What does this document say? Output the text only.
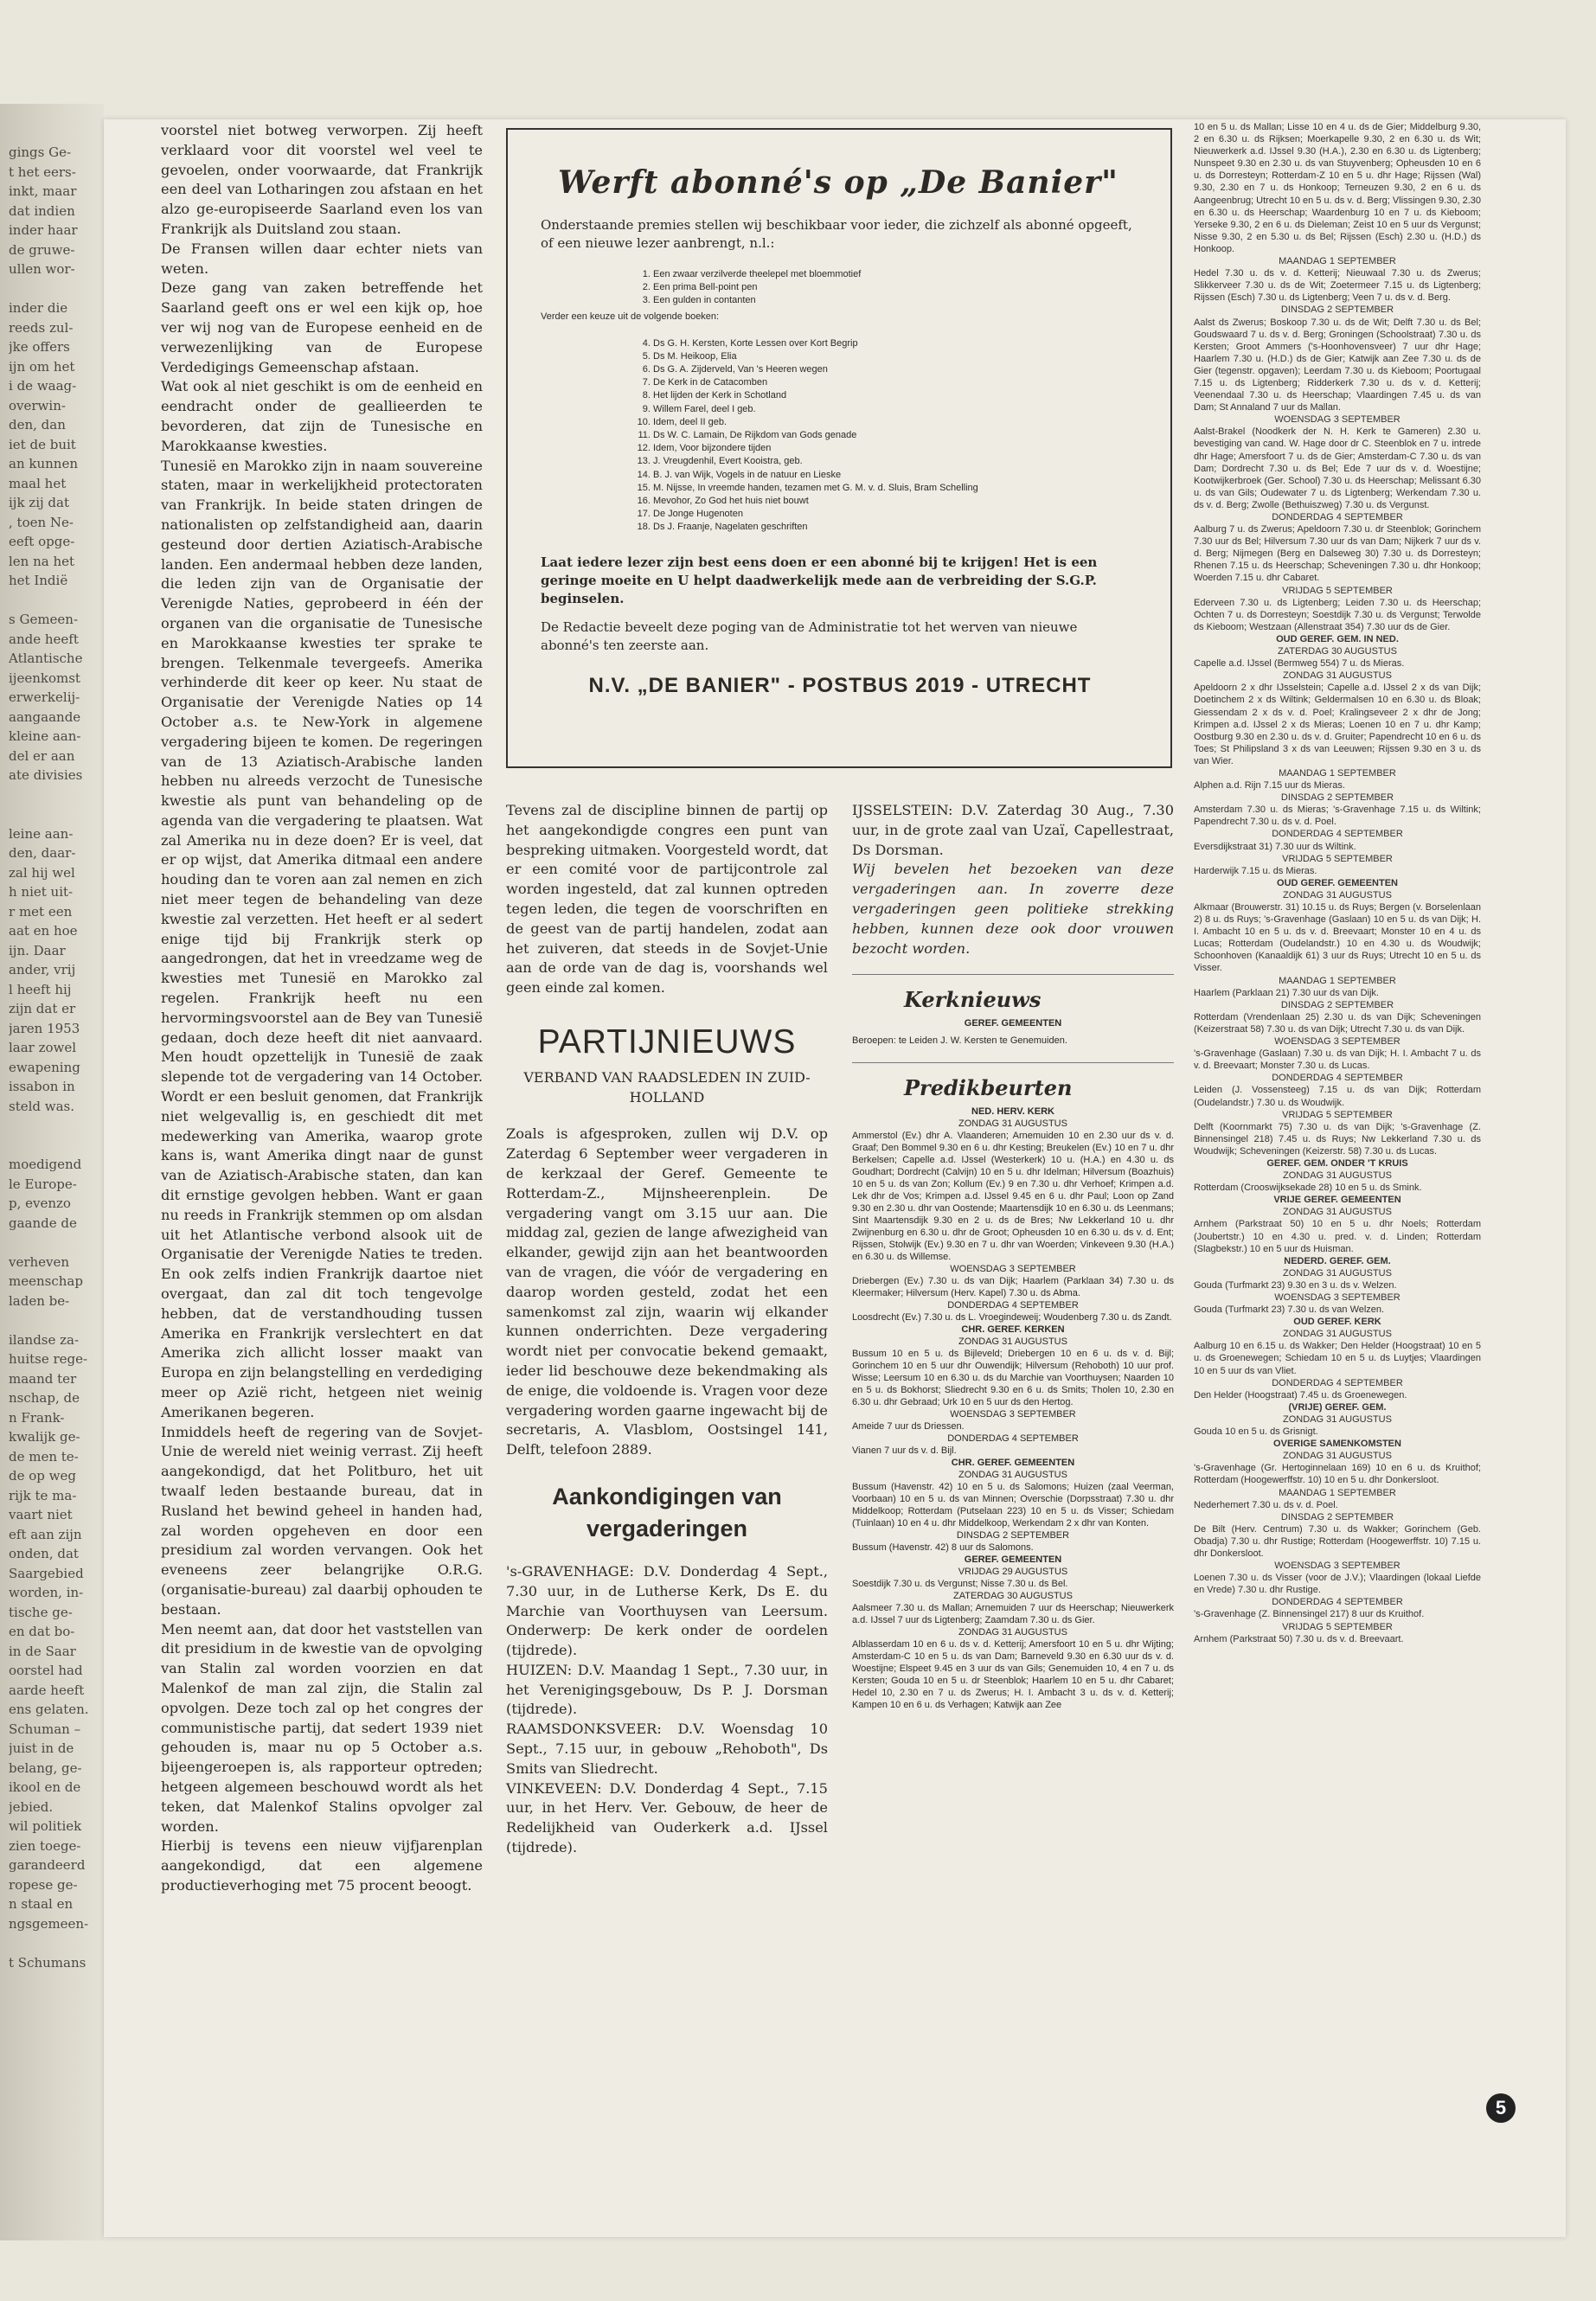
gings Ge-
t het eers-
inkt, maar
dat indien
inder haar
de gruwe-
ullen wor-

inder die
reeds zul-
jke offers
ijn om het
i de waag-
overwin-
den, dan
iet de buit
an kunnen
maal het
ijk zij dat
, toen Ne-
eeft opge-
len na het
het Indië

s Gemeen-
ande heeft
Atlantische
ijeenkomst
erwerkelij-
aangaande
kleine aan-
del er aan
ate divisies

leine aan-
den, daar-
zal hij wel
h niet uit-
r met een
aat en hoe
ijn. Daar
ander, vrij
l heeft hij
zijn dat er
jaren 1953
laar zowel
ewapening
issabon in
steld was.

moedigend
le Europe-
p, evenzo
gaande de

verheven
meenschap
laden be-

ilandse za-
huitse rege-
maand ter
nschap, de
n Frank-
kwalijk ge-
de men te-
de op weg
rijk te ma-
vaart niet
eft aan zijn
onden, dat
Saargebied
worden, in-
tische ge-
en dat bo-
in de Saar
oorstel had
aarde heeft
ens gelaten.
Schuman –
juist in de
belang, ge-
ikool en de
jebied.
wil politiek
zien toege-
garandeerd
ropese ge-
n staal en
ngsgemeen-

t Schumans

voorstel niet botweg verworpen. Zij heeft verklaard voor dit voorstel wel veel te gevoelen, onder voorwaarde, dat Frankrijk een deel van Lotharingen zou afstaan en het alzo ge-europiseerde Saarland even los van Frankrijk als Duitsland zou staan.

De Fransen willen daar echter niets van weten.

Deze gang van zaken betreffende het Saarland geeft ons er wel een kijk op, hoe ver wij nog van de Europese eenheid en de verwezenlijking van de Europese Verdedigings Gemeenschap afstaan.

Wat ook al niet geschikt is om de eenheid en eendracht onder de geallieerden te bevorderen, dat zijn de Tunesische en Marokkaanse kwesties.

Tunesië en Marokko zijn in naam souvereine staten, maar in werkelijkheid protectoraten van Frankrijk. In beide staten dringen de nationalisten op zelfstandigheid aan, daarin gesteund door dertien Aziatisch-Arabische landen. Een andermaal hebben deze landen, die leden zijn van de Organisatie der Verenigde Naties, geprobeerd in één der organen van die organisatie de Tunesische en Marokkaanse kwesties ter sprake te brengen. Telkenmale tevergeefs. Amerika verhinderde dit keer op keer. Nu staat de Organisatie der Verenigde Naties op 14 October a.s. te New-York in algemene vergadering bijeen te komen. De regeringen van de 13 Aziatisch-Arabische landen hebben nu alreeds verzocht de Tunesische kwestie als punt van behandeling op de agenda van die vergadering te plaatsen. Wat zal Amerika nu in deze doen? Er is veel, dat er op wijst, dat Amerika ditmaal een andere houding dan te voren aan zal nemen en zich niet meer tegen de behandeling van deze kwestie zal verzetten. Het heeft er al sedert enige tijd bij Frankrijk sterk op aangedrongen, dat het in vreedzame weg de kwesties met Tunesië en Marokko zal regelen. Frankrijk heeft nu een hervormingsvoorstel aan de Bey van Tunesië gedaan, doch deze heeft dit niet aanvaard. Men houdt opzettelijk in Tunesië de zaak slepende tot de vergadering van 14 October. Wordt er een besluit genomen, dat Frankrijk niet welgevallig is, en geschiedt dit met medewerking van Amerika, waarop grote kans is, want Amerika dingt naar de gunst van de Aziatisch-Arabische staten, dan kan dit ernstige gevolgen hebben. Want er gaan nu reeds in Frankrijk stemmen op om alsdan uit het Atlantische verbond alsook uit de Organisatie der Verenigde Naties te treden. En ook zelfs indien Frankrijk daartoe niet overgaat, dan zal dit toch tengevolge hebben, dat de verstandhouding tussen Amerika en Frankrijk verslechtert en dat Amerika zich allicht losser maakt van Europa en zijn belangstelling en verdediging meer op Azië richt, hetgeen niet weinig Amerikanen begeren.

Inmiddels heeft de regering van de Sovjet-Unie de wereld niet weinig verrast. Zij heeft aangekondigd, dat het Politburo, het uit twaalf leden bestaande bureau, dat in Rusland het bewind geheel in handen had, zal worden opgeheven en door een presidium zal worden vervangen. Ook het eveneens zeer belangrijke O.R.G. (organisatie-bureau) zal daarbij ophouden te bestaan.

Men neemt aan, dat door het vaststellen van dit presidium in de kwestie van de opvolging van Stalin zal worden voorzien en dat Malenkof de man zal zijn, die Stalin zal opvolgen. Deze toch zal op het congres der communistische partij, dat sedert 1939 niet gehouden is, maar nu op 5 October a.s. bijeengeroepen is, als rapporteur optreden; hetgeen algemeen beschouwd wordt als het teken, dat Malenkof Stalins opvolger zal worden.

Hierbij is tevens een nieuw vijfjarenplan aangekondigd, dat een algemene productieverhoging met 75 procent beoogt.

Werft abonné's op „De Banier"
Onderstaande premies stellen wij beschikbaar voor ieder, die zichzelf als abonné opgeeft, of een nieuwe lezer aanbrengt, n.l.:
1. Een zwaar verzilverde theelepel met bloemmotief
2. Een prima Bell-point pen
3. Een gulden in contanten
Verder een keuze uit de volgende boeken:
4. Ds G. H. Kersten, Korte Lessen over Kort Begrip
5. Ds M. Heikoop, Elia
6. Ds G. A. Zijderveld, Van 's Heeren wegen
7. De Kerk in de Catacomben
8. Het lijden der Kerk in Schotland
9. Willem Farel, deel I geb.
10. Idem, deel II geb.
11. Ds W. C. Lamain, De Rijkdom van Gods genade
12. Idem, Voor bijzondere tijden
13. J. Vreugdenhil, Evert Kooistra, geb.
14. B. J. van Wijk, Vogels in de natuur en Lieske
15. M. Nijsse, In vreemde handen, tezamen met G. M. v. d. Sluis, Bram Schelling
16. Mevohor, Zo God het huis niet bouwt
17. De Jonge Hugenoten
18. Ds J. Fraanje, Nagelaten geschriften
Laat iedere lezer zijn best eens doen er een abonné bij te krijgen! Het is een geringe moeite en U helpt daadwerkelijk mede aan de verbreiding der S.G.P. beginselen.
De Redactie beveelt deze poging van de Administratie tot het werven van nieuwe abonné's ten zeerste aan.
N.V. „DE BANIER" - POSTBUS 2019 - UTRECHT

Tevens zal de discipline binnen de partij op het aangekondigde congres een punt van bespreking uitmaken. Voorgesteld wordt, dat er een comité voor de partijcontrole zal worden ingesteld, dat zal kunnen optreden tegen leden, die tegen de voorschriften en de geest van de partij handelen, zodat aan het zuiveren, dat steeds in de Sovjet-Unie aan de orde van de dag is, voorshands wel geen einde zal komen.

PARTIJNIEUWS
VERBAND VAN RAADSLEDEN IN ZUID-HOLLAND

Zoals is afgesproken, zullen wij D.V. op Zaterdag 6 September weer vergaderen in de kerkzaal der Geref. Gemeente te Rotterdam-Z., Mijnsheerenplein. De vergadering vangt om 3.15 uur aan. Die middag zal, gezien de lange afwezigheid van elkander, gewijd zijn aan het beantwoorden van de vragen, die vóór de vergadering en daarop worden gesteld, zodat het een samenkomst zal zijn, waarin wij elkander kunnen onderrichten. Deze vergadering wordt niet per convocatie bekend gemaakt, ieder lid beschouwe deze bekendmaking als de enige, die voldoende is. Vragen voor deze vergadering worden gaarne ingewacht bij de secretaris, A. Vlasblom, Oostsingel 141, Delft, telefoon 2889.

Aankondigingen van vergaderingen

's-GRAVENHAGE: D.V. Donderdag 4 Sept., 7.30 uur, in de Lutherse Kerk, Ds E. du Marchie van Voorthuysen van Leersum. Onderwerp: De kerk onder de oordelen (tijdrede).

HUIZEN: D.V. Maandag 1 Sept., 7.30 uur, in het Verenigingsgebouw, Ds P. J. Dorsman (tijdrede).

RAAMSDONKSVEER: D.V. Woensdag 10 Sept., 7.15 uur, in gebouw „Rehoboth", Ds Smits van Sliedrecht.

VINKEVEEN: D.V. Donderdag 4 Sept., 7.15 uur, in het Herv. Ver. Gebouw, de heer de Redelijkheid van Ouderkerk a.d. IJssel (tijdrede).

IJSSELSTEIN: D.V. Zaterdag 30 Aug., 7.30 uur, in de grote zaal van Uzaï, Capellestraat, Ds Dorsman.

Wij bevelen het bezoeken van deze vergaderingen aan. In zoverre deze vergaderingen geen politieke strekking hebben, kunnen deze ook door vrouwen bezocht worden.

Kerknieuws
GEREF. GEMEENTEN
Beroepen: te Leiden J. W. Kersten te Genemuiden.
Predikbeurten
NED. HERV. KERK
ZONDAG 31 AUGUSTUS

Ammerstol (Ev.) dhr A. Vlaanderen; Arnemuiden 10 en 2.30 uur ds v. d. Graaf; Den Bommel 9.30 en 6 u. dhr Kesting; Breukelen (Ev.) 10 en 7 u. dhr Berkelsen; Capelle a.d. IJssel (Westerkerk) 10 u. (H.A.) en 4.30 u. ds Goudhart; Dordrecht (Calvijn) 10 en 5 u. dhr Idelman; Hilversum (Boazhuis) 10 en 5 u. ds van Zon; Kollum (Ev.) 9 en 7.30 u. dhr Verhoef; Krimpen a.d. Lek dhr de Vos; Krimpen a.d. IJssel 9.45 en 6 u. dhr Paul; Loon op Zand 9.30 en 2.30 u. dhr van Oostende; Maartensdijk 10 en 6.30 u. ds Leenmans; Sint Maartensdijk 9.30 en 2 u. ds de Bres; Nw Lekkerland 10 u. dhr Zwijnenburg en 6.30 u. dhr de Groot; Opheusden 10 en 6.30 u. ds v. d. Ent; Rijssen, Stolwijk (Ev.) 9.30 en 7 u. dhr van Woerden; Vinkeveen 9.30 (H.A.) en 6.30 u. ds Willemse.

WOENSDAG 3 SEPTEMBER

Driebergen (Ev.) 7.30 u. ds van Dijk; Haarlem (Parklaan 34) 7.30 u. ds Kleermaker; Hilversum (Herv. Kapel) 7.30 u. ds Abma.

DONDERDAG 4 SEPTEMBER

Loosdrecht (Ev.) 7.30 u. ds L. Vroegindeweij; Woudenberg 7.30 u. ds Zandt.

CHR. GEREF. KERKEN
ZONDAG 31 AUGUSTUS

Bussum 10 en 5 u. ds Bijleveld; Driebergen 10 en 6 u. ds v. d. Bijl; Gorinchem 10 en 5 uur dhr Ouwendijk; Hilversum (Rehoboth) 10 uur prof. Wisse; Leersum 10 en 6.30 u. ds du Marchie van Voorthuysen; Naarden 10 en 5 u. ds Bokhorst; Sliedrecht 9.30 en 6 u. ds Smits; Tholen 10, 2.30 en 6.30 u. dhr Gebraad; Urk 10 en 5 uur ds den Hertog.

WOENSDAG 3 SEPTEMBER

Ameide 7 uur ds Driessen.

DONDERDAG 4 SEPTEMBER

Vianen 7 uur ds v. d. Bijl.

CHR. GEREF. GEMEENTEN
ZONDAG 31 AUGUSTUS

Bussum (Havenstr. 42) 10 en 5 u. ds Salomons; Huizen (zaal Veerman, Voorbaan) 10 en 5 u. ds van Minnen; Overschie (Dorpsstraat) 7.30 u. dhr Middelkoop; Rotterdam (Putselaan 223) 10 en 5 u. ds Visser; Schiedam (Tuinlaan) 10 en 4 u. dhr Middelkoop, Werkendam 2 x dhr van Konten.

DINSDAG 2 SEPTEMBER

Bussum (Havenstr. 42) 8 uur ds Salomons.

GEREF. GEMEENTEN
VRIJDAG 29 AUGUSTUS

Soestdijk 7.30 u. ds Vergunst; Nisse 7.30 u. ds Bel.

ZATERDAG 30 AUGUSTUS

Aalsmeer 7.30 u. ds Mallan; Arnemuiden 7 uur ds Heerschap; Nieuwerkerk a.d. IJssel 7 uur ds Ligtenberg; Zaamdam 7.30 u. ds Gier.

ZONDAG 31 AUGUSTUS

Alblasserdam 10 en 6 u. ds v. d. Ketterij; Amersfoort 10 en 5 u. dhr Wijting; Amsterdam-C 10 en 5 u. ds van Dam; Barneveld 9.30 en 6.30 uur ds v. d. Woestijne; Elspeet 9.45 en 3 uur ds van Gils; Genemuiden 10, 4 en 7 u. ds Kersten; Gouda 10 en 5 u. dr Steenblok; Haarlem 10 en 5 u. dhr Cabaret; Hedel 10, 2.30 en 7 u. ds Zwerus; H. I. Ambacht 3 u. ds v. d. Ketterij; Kampen 10 en 6 u. ds Verhagen; Katwijk aan Zee

10 en 5 u. ds Mallan; Lisse 10 en 4 u. ds de Gier; Middelburg 9.30, 2 en 6.30 u. ds Rijksen; Moerkapelle 9.30, 2 en 6.30 u. ds Wit; Nieuwerkerk a.d. IJssel 9.30 (H.A.), 2.30 en 6.30 u. ds Ligtenberg; Nunspeet 9.30 en 2.30 u. ds van Stuyvenberg; Opheusden 10 en 6 u. ds Dorresteyn; Rotterdam-Z 10 en 5 u. dhr Hage; Rijssen (Wal) 9.30, 2.30 en 7 u. ds Honkoop; Terneuzen 9.30, 2 en 6 u. ds Aangeenbrug; Utrecht 10 en 5 u. ds v. d. Berg; Vlissingen 9.30, 2.30 en 6.30 u. ds Heerschap; Waardenburg 10 en 7 u. ds Kieboom; Yerseke 9.30, 2 en 6 u. ds Dieleman; Zeist 10 en 5 uur ds Vergunst; Nisse 9.30, 2 en 5.30 u. ds Bel; Rijssen (Esch) 2.30 u. (H.D.) ds Honkoop.

MAANDAG 1 SEPTEMBER

Hedel 7.30 u. ds v. d. Ketterij; Nieuwaal 7.30 u. ds Zwerus; Slikkerveer 7.30 u. ds de Wit; Zoetermeer 7.15 u. ds Ligtenberg; Rijssen (Esch) 7.30 u. ds Ligtenberg; Veen 7 u. ds v. d. Berg.

DINSDAG 2 SEPTEMBER

Aalst ds Zwerus; Boskoop 7.30 u. ds de Wit; Delft 7.30 u. ds Bel; Goudswaard 7 u. ds v. d. Berg; Groningen (Schoolstraat) 7.30 u. ds Kersten; Groot Ammers ('s-Hoonhovensveer) 7 uur dhr Hage; Haarlem 7.30 u. (H.D.) ds de Gier; Katwijk aan Zee 7.30 u. ds de Gier (tegenstr. opgaven); Leerdam 7.30 u. ds Kieboom; Poortugaal 7.15 u. ds Ligtenberg; Ridderkerk 7.30 u. ds v. d. Ketterij; Veenendaal 7.30 u. ds Heerschap; Vlaardingen 7.45 u. ds van Dam; St Annaland 7 uur ds Mallan.

WOENSDAG 3 SEPTEMBER

Aalst-Brakel (Noodkerk der N. H. Kerk te Gameren) 2.30 u. bevestiging van cand. W. Hage door dr C. Steenblok en 7 u. intrede dhr Hage; Amersfoort 7 u. ds de Gier; Amsterdam-C 7.30 u. ds van Dam; Dordrecht 7.30 u. ds Bel; Ede 7 uur ds v. d. Woestijne; Kootwijkerbroek (Ger. School) 7.30 u. ds Heerschap; Melissant 6.30 u. ds van Gils; Oudewater 7 u. ds Ligtenberg; Werkendam 7.30 u. ds v. d. Berg; Zwolle (Bethuiszweg) 7.30 u. ds Vergunst.

DONDERDAG 4 SEPTEMBER

Aalburg 7 u. ds Zwerus; Apeldoorn 7.30 u. dr Steenblok; Gorinchem 7.30 uur ds Bel; Hilversum 7.30 uur ds van Dam; Nijkerk 7 uur ds v. d. Berg; Nijmegen (Berg en Dalseweg 30) 7.30 u. ds Dorresteyn; Rhenen 7.15 u. ds Heerschap; Scheveningen 7.30 u. dhr Honkoop; Woerden 7.15 u. dhr Cabaret.

VRIJDAG 5 SEPTEMBER

Ederveen 7.30 u. ds Ligtenberg; Leiden 7.30 u. ds Heerschap; Ochten 7 u. ds Dorresteyn; Soestdijk 7.30 u. ds Vergunst; Terwolde ds Kieboom; Westzaan (Allenstraat 354) 7.30 uur ds de Gier.

OUD GEREF. GEM. IN NED.
ZATERDAG 30 AUGUSTUS

Capelle a.d. IJssel (Bermweg 554) 7 u. ds Mieras.

ZONDAG 31 AUGUSTUS

Apeldoorn 2 x dhr IJsselstein; Capelle a.d. IJssel 2 x ds van Dijk; Doetinchem 2 x ds Wiltink; Geldermalsen 10 en 6.30 u. ds Bloak; Giessendam 2 x ds v. d. Poel; Kralingseveer 2 x dhr de Jong; Krimpen a.d. IJssel 2 x ds Mieras; Loenen 10 en 7 u. dhr Kamp; Oostburg 9.30 en 2.30 u. ds v. d. Gruiter; Papendrecht 10 en 6 u. ds Toes; St Philipsland 3 x ds van Leeuwen; Rijssen 9.30 en 3 u. ds van Wier.

MAANDAG 1 SEPTEMBER

Alphen a.d. Rijn 7.15 uur ds Mieras.

DINSDAG 2 SEPTEMBER

Amsterdam 7.30 u. ds Mieras; 's-Gravenhage 7.15 u. ds Wiltink; Papendrecht 7.30 u. ds v. d. Poel.

DONDERDAG 4 SEPTEMBER

Eversdijkstraat 31) 7.30 uur ds Wiltink.

VRIJDAG 5 SEPTEMBER

Harderwijk 7.15 u. ds Mieras.

OUD GEREF. GEMEENTEN
ZONDAG 31 AUGUSTUS

Alkmaar (Brouwerstr. 31) 10.15 u. ds Ruys; Bergen (v. Borselenlaan 2) 8 u. ds Ruys; 's-Gravenhage (Gaslaan) 10 en 5 u. ds van Dijk; H. I. Ambacht 10 en 5 u. ds v. d. Breevaart; Monster 10 en 4 u. ds Lucas; Rotterdam (Oudelandstr.) 10 en 4.30 u. ds Woudwijk; Schoonhoven (Kanaaldijk 61) 3 uur ds Ruys; Utrecht 10 en 5 u. ds Visser.

MAANDAG 1 SEPTEMBER

Haarlem (Parklaan 21) 7.30 uur ds van Dijk.

DINSDAG 2 SEPTEMBER

Rotterdam (Vrendenlaan 25) 2.30 u. ds van Dijk; Scheveningen (Keizerstraat 58) 7.30 u. ds van Dijk; Utrecht 7.30 u. ds van Dijk.

WOENSDAG 3 SEPTEMBER

's-Gravenhage (Gaslaan) 7.30 u. ds van Dijk; H. I. Ambacht 7 u. ds v. d. Breevaart; Monster 7.30 u. ds Lucas.

DONDERDAG 4 SEPTEMBER

Leiden (J. Vossensteeg) 7.15 u. ds van Dijk; Rotterdam (Oudelandstr.) 7.30 u. ds Woudwijk.

VRIJDAG 5 SEPTEMBER

Delft (Koornmarkt 75) 7.30 u. ds van Dijk; 's-Gravenhage (Z. Binnensingel 218) 7.45 u. ds Ruys; Nw Lekkerland 7.30 u. ds Woudwijk; Scheveningen (Keizerstr. 58) 7.30 u. ds Lucas.

GEREF. GEM. ONDER 'T KRUIS
ZONDAG 31 AUGUSTUS

Rotterdam (Crooswijksekade 28) 10 en 5 u. ds Smink.

VRIJE GEREF. GEMEENTEN
ZONDAG 31 AUGUSTUS

Arnhem (Parkstraat 50) 10 en 5 u. dhr Noels; Rotterdam (Joubertstr.) 10 en 4.30 u. pred. v. d. Linden; Rotterdam (Slagbekstr.) 10 en 5 uur ds Huisman.

NEDERD. GEREF. GEM.
ZONDAG 31 AUGUSTUS

Gouda (Turfmarkt 23) 9.30 en 3 u. ds v. Welzen.

WOENSDAG 3 SEPTEMBER

Gouda (Turfmarkt 23) 7.30 u. ds van Welzen.

OUD GEREF. KERK
ZONDAG 31 AUGUSTUS

Aalburg 10 en 6.15 u. ds Wakker; Den Helder (Hoogstraat) 10 en 5 u. ds Groenewegen; Schiedam 10 en 5 u. ds Luytjes; Vlaardingen 10 en 5 uur ds van Vliet.

DONDERDAG 4 SEPTEMBER

Den Helder (Hoogstraat) 7.45 u. ds Groenewegen.

(VRIJE) GEREF. GEM.
ZONDAG 31 AUGUSTUS

Gouda 10 en 5 u. ds Grisnigt.

OVERIGE SAMENKOMSTEN
ZONDAG 31 AUGUSTUS

's-Gravenhage (Gr. Hertoginnelaan 169) 10 en 6 u. ds Kruithof; Rotterdam (Hoogewerffstr. 10) 10 en 5 u. dhr Donkersloot.

MAANDAG 1 SEPTEMBER

Nederhemert 7.30 u. ds v. d. Poel.

DINSDAG 2 SEPTEMBER

De Bilt (Herv. Centrum) 7.30 u. ds Wakker; Gorinchem (Geb. Obadja) 7.30 u. dhr Rustige; Rotterdam (Hoogewerffstr. 10) 7.15 u. dhr Donkersloot.

WOENSDAG 3 SEPTEMBER

Loenen 7.30 u. ds Visser (voor de J.V.); Vlaardingen (lokaal Liefde en Vrede) 7.30 u. dhr Rustige.

DONDERDAG 4 SEPTEMBER

's-Gravenhage (Z. Binnensingel 217) 8 uur ds Kruithof.

VRIJDAG 5 SEPTEMBER

Arnhem (Parkstraat 50) 7.30 u. ds v. d. Breevaart.

5
